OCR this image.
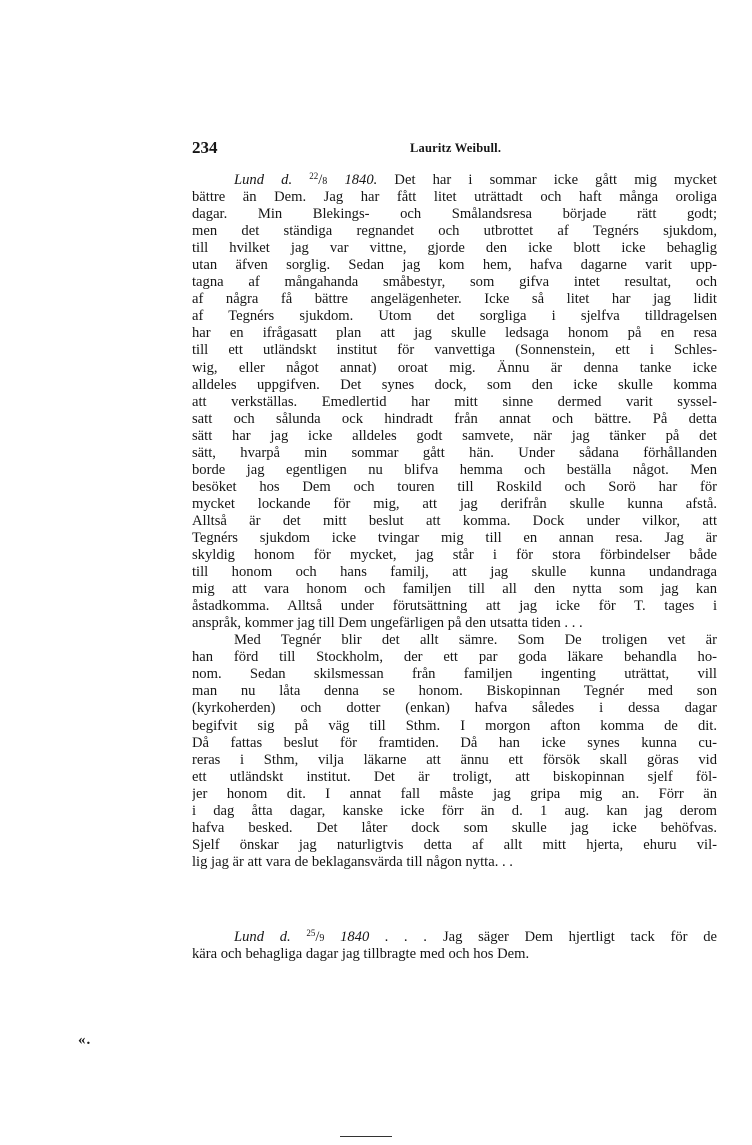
234	Lauritz Weibull.
Lund d. $^{22}$/8 1840. Det har i sommar icke gått mig mycket
bättre än Dem. Jag har fått litet uträttadt och haft många oroliga
dagar. Min Blekings- och Smålandsresa började rätt godt;
men det ständiga regnandet och utbrottet af Tegnérs sjukdom,
till hvilket jag var vittne, gjorde den icke blott icke behaglig
utan äfven sorglig. Sedan jag kom hem, hafva dagarne varit upp-
tagna af mångahanda småbestyr, som gifva intet resultat, och
af några få bättre angelägenheter. Icke så litet har jag lidit
af Tegnérs sjukdom. Utom det sorgliga i sjelfva tilldragelsen
har en ifrågasatt plan att jag skulle ledsaga honom på en resa
till ett utländskt institut för vanvettiga (Sonnenstein, ett i Schles-
wig, eller något annat) oroat mig. Ännu är denna tanke icke
alldeles uppgifven. Det synes dock, som den icke skulle komma
att verkställas. Emedlertid har mitt sinne dermed varit syssel-
satt och sålunda ock hindradt från annat och bättre. På detta
sätt har jag icke alldeles godt samvete, när jag tänker på det
sätt, hvarpå min sommar gått hän. Under sådana förhållanden
borde jag egentligen nu blifva hemma och beställa något. Men
besöket hos Dem och touren till Roskild och Sorö har för
mycket lockande för mig, att jag derifrån skulle kunna afstå.
Alltså är det mitt beslut att komma. Dock under vilkor, att
Tegnérs sjukdom icke tvingar mig till en annan resa. Jag är
skyldig honom för mycket, jag står i för stora förbindelser både
till honom och hans familj, att jag skulle kunna undandraga
mig att vara honom och familjen till all den nytta som jag kan
åstadkomma. Alltså under förutsättning att jag icke för T. tages i
anspråk, kommer jag till Dem ungefärligen på den utsatta tiden . . .
Med Tegnér blir det allt sämre. Som De troligen vet är
han förd till Stockholm, der ett par goda läkare behandla ho-
nom. Sedan skilsmessan från familjen ingenting uträttat, vill
man nu låta denna se honom. Biskopinnan Tegnér med son
(kyrkoherden) och dotter (enkan) hafva således i dessa dagar
begifvit sig på väg till Sthm. I morgon afton komma de dit.
Då fattas beslut för framtiden. Då han icke synes kunna cu-
reras i Sthm, vilja läkarne att ännu ett försök skall göras vid
ett utländskt institut. Det är troligt, att biskopinnan sjelf föl-
jer honom dit. I annat fall måste jag gripa mig an. Förr än
i dag åtta dagar, kanske icke förr än d. 1 aug. kan jag derom
hafva besked. Det låter dock som skulle jag icke behöfvas.
Sjelf önskar jag naturligtvis detta af allt mitt hjerta, ehuru vil-
lig jag är att vara de beklagansvärda till någon nytta. . .
Lund d. $^{25}$/9 1840 . . . Jag säger Dem hjertligt tack för de
kära och behagliga dagar jag tillbragte med och hos Dem.
«.
